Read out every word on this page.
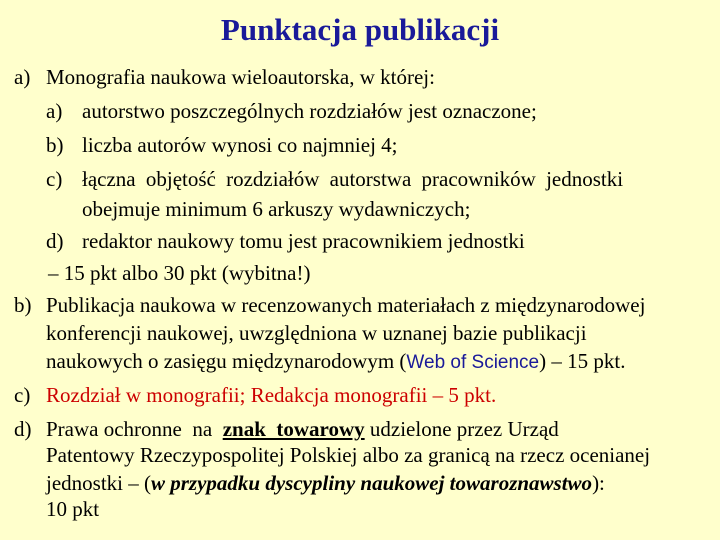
Punktacja publikacji
a) Monografia naukowa wieloautorska, w której:
a) autorstwo poszczególnych rozdziałów jest oznaczone;
b) liczba autorów wynosi co najmniej 4;
c) łączna objętość rozdziałów autorstwa pracowników jednostki
obejmuje minimum 6 arkuszy wydawniczych;
d) redaktor naukowy tomu jest pracownikiem jednostki
– 15 pkt albo 30 pkt (wybitna!)
b) Publikacja naukowa w recenzowanych materiałach z międzynarodowej
konferencji naukowej, uwzględniona w uznanej bazie publikacji
naukowych o zasięgu międzynarodowym (Web of Science) – 15 pkt.
c) Rozdział w monografii; Redakcja monografii – 5 pkt.
d) Prawa ochronne  na  znak  towarowy udzielone przez Urząd
Patentowy Rzeczypospolitej Polskiej albo za granicą na rzecz ocenianej
jednostki – (w przypadku dyscypliny naukowej towaroznawstwo):
10 pkt
